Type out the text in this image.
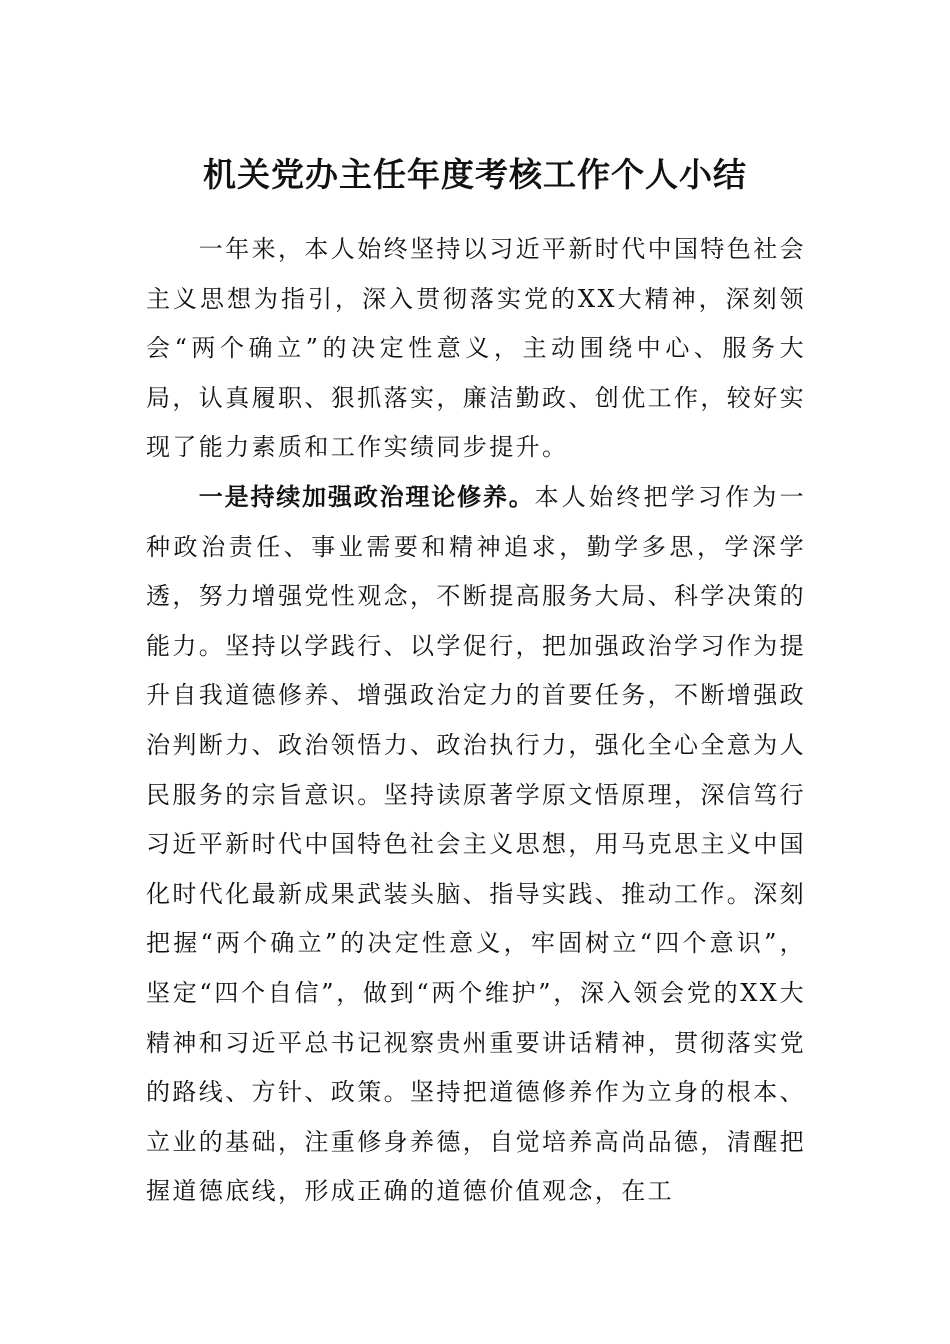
机关党办主任年度考核工作个人小结

一年来，本人始终坚持以习近平新时代中国特色社会主义思想为指引，深入贯彻落实党的XX大精神，深刻领会“两个确立”的决定性意义，主动围绕中心、服务大局，认真履职、狠抓落实，廉洁勤政、创优工作，较好实现了能力素质和工作实绩同步提升。

一是持续加强政治理论修养。本人始终把学习作为一种政治责任、事业需要和精神追求，勤学多思，学深学透，努力增强党性观念，不断提高服务大局、科学决策的能力。坚持以学践行、以学促行，把加强政治学习作为提升自我道德修养、增强政治定力的首要任务，不断增强政治判断力、政治领悟力、政治执行力，强化全心全意为人民服务的宗旨意识。坚持读原著学原文悟原理，深信笃行习近平新时代中国特色社会主义思想，用马克思主义中国化时代化最新成果武装头脑、指导实践、推动工作。深刻把握“两个确立”的决定性意义，牢固树立“四个意识”，坚定“四个自信”，做到“两个维护”，深入领会党的XX大精神和习近平总书记视察贵州重要讲话精神，贯彻落实党的路线、方针、政策。坚持把道德修养作为立身的根本、立业的基础，注重修身养德，自觉培养高尚品德，清醒把握道德底线，形成正确的道德价值观念，在工
